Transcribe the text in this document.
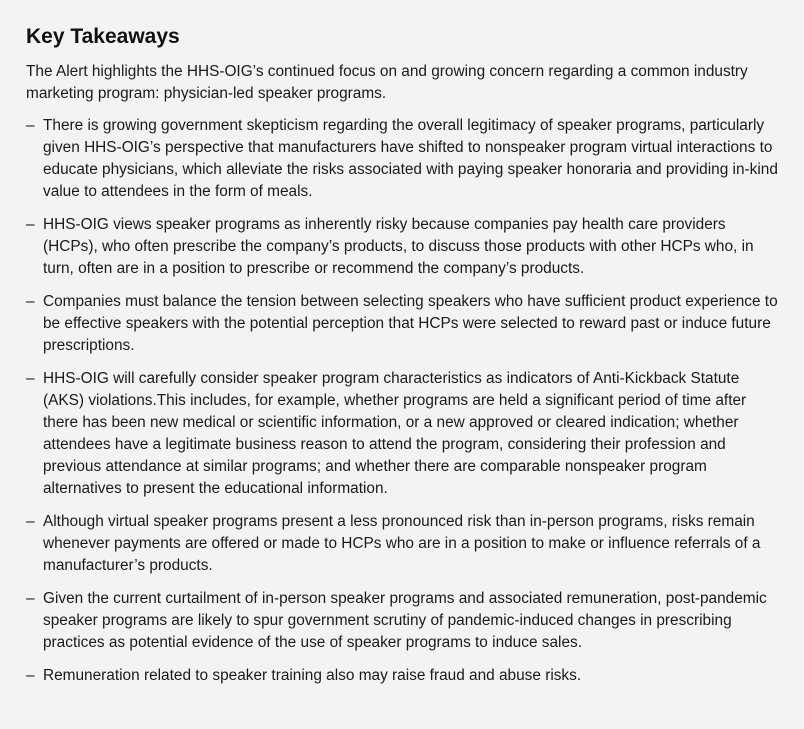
Key Takeaways

The Alert highlights the HHS-OIG’s continued focus on and growing concern regarding a common industry marketing program: physician-led speaker programs.

– There is growing government skepticism regarding the overall legitimacy of speaker programs, particularly given HHS-OIG’s perspective that manufacturers have shifted to nonspeaker program virtual interactions to educate physicians, which alleviate the risks associated with paying speaker honoraria and providing in-kind value to attendees in the form of meals.
– HHS-OIG views speaker programs as inherently risky because companies pay health care providers (HCPs), who often prescribe the company’s products, to discuss those products with other HCPs who, in turn, often are in a position to prescribe or recommend the company’s products.
– Companies must balance the tension between selecting speakers who have sufficient product experience to be effective speakers with the potential perception that HCPs were selected to reward past or induce future prescriptions.
– HHS-OIG will carefully consider speaker program characteristics as indicators of Anti-Kickback Statute (AKS) violations.This includes, for example, whether programs are held a significant period of time after there has been new medical or scientific information, or a new approved or cleared indication; whether attendees have a legitimate business reason to attend the program, considering their profession and previous attendance at similar programs; and whether there are comparable nonspeaker program alternatives to present the educational information.
– Although virtual speaker programs present a less pronounced risk than in-person programs, risks remain whenever payments are offered or made to HCPs who are in a position to make or influence referrals of a manufacturer’s products.
– Given the current curtailment of in-person speaker programs and associated remuneration, post-pandemic speaker programs are likely to spur government scrutiny of pandemic-induced changes in prescribing practices as potential evidence of the use of speaker programs to induce sales.
– Remuneration related to speaker training also may raise fraud and abuse risks.
